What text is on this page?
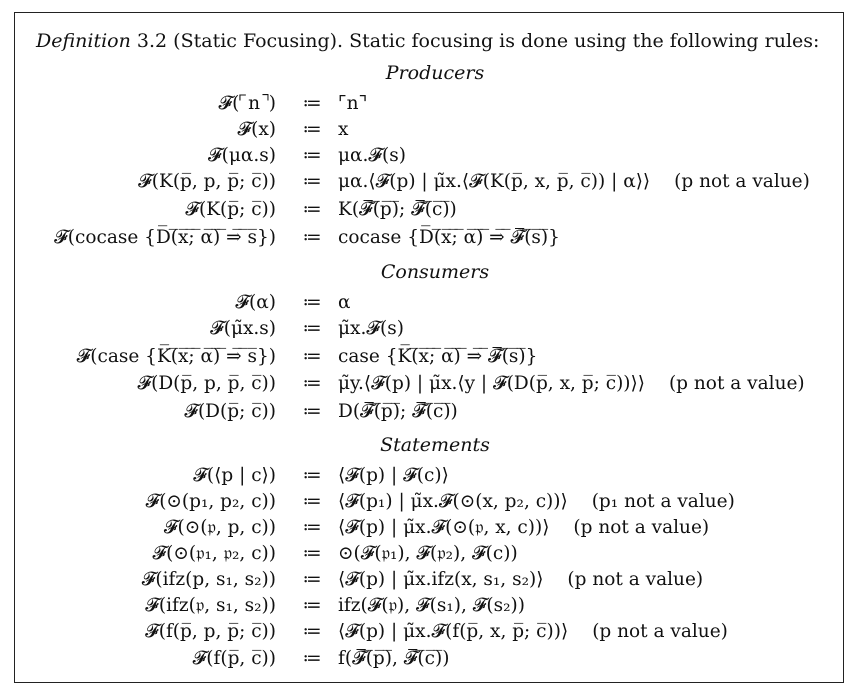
Definition 3.2 (Static Focusing). Static focusing is done using the following rules:
Producers
𝓕(⌜n⌝)	≔ ⌜n⌝
𝓕(x)	≔ x
𝓕(μα.s)	≔ μα.𝓕(s)
𝓕(K(p̅, p, p̅; c̅))	≔ μα.⟨𝓕(p) | μ̃x.⟨𝓕(K(p̅, x, p̅, c̅)) | α⟩⟩ (p not a value)
𝓕(K(p̅; c̅))	≔ K(𝓕̅(̅p̅)̅; 𝓕̅(̅c̅)̅)
𝓕(cocase {D̅(̅x̅;̅ ̅α̅)̅ ̅⇒̅ ̅s̅})	≔ cocase {D̅(̅x̅;̅ ̅α̅)̅ ̅⇒̅ ̅𝓕̅(̅s̅)̅}
Consumers
𝓕(α)	≔ α
𝓕(μ̃x.s)	≔ μ̃x.𝓕(s)
𝓕(case {K̅(̅x̅;̅ ̅α̅)̅ ̅⇒̅ ̅s̅})	≔ case {K̅(̅x̅;̅ ̅α̅)̅ ̅⇒̅ ̅𝓕̅(̅s̅)̅}
𝓕(D(p̅, p, p̅, c̅))	≔ μ̃y.⟨𝓕(p) | μ̃x.⟨y | 𝓕(D(p̅, x, p̅; c̅))⟩⟩ (p not a value)
𝓕(D(p̅; c̅))	≔ D(𝓕̅(̅p̅)̅; 𝓕̅(̅c̅)̅)
Statements
𝓕(⟨p | c⟩)	≔ ⟨𝓕(p) | 𝓕(c)⟩
𝓕(⊙(p₁, p₂, c))	≔ ⟨𝓕(p₁) | μ̃x.𝓕(⊙(x, p₂, c))⟩ (p₁ not a value)
𝓕(⊙(𝔭, p, c))	≔ ⟨𝓕(p) | μ̃x.𝓕(⊙(𝔭, x, c))⟩ (p not a value)
𝓕(⊙(𝔭₁, 𝔭₂, c))	≔ ⊙(𝓕(𝔭₁), 𝓕(𝔭₂), 𝓕(c))
𝓕(ifz(p, s₁, s₂))	≔ ⟨𝓕(p) | μ̃x.ifz(x, s₁, s₂)⟩ (p not a value)
𝓕(ifz(𝔭, s₁, s₂))	≔ ifz(𝓕(𝔭), 𝓕(s₁), 𝓕(s₂))
𝓕(f(p̅, p, p̅; c̅))	≔ ⟨𝓕(p) | μ̃x.𝓕(f(p̅, x, p̅; c̅))⟩ (p not a value)
𝓕(f(p̅, c̅))	≔ f(𝓕̅(̅p̅)̅, 𝓕̅(̅c̅)̅)
